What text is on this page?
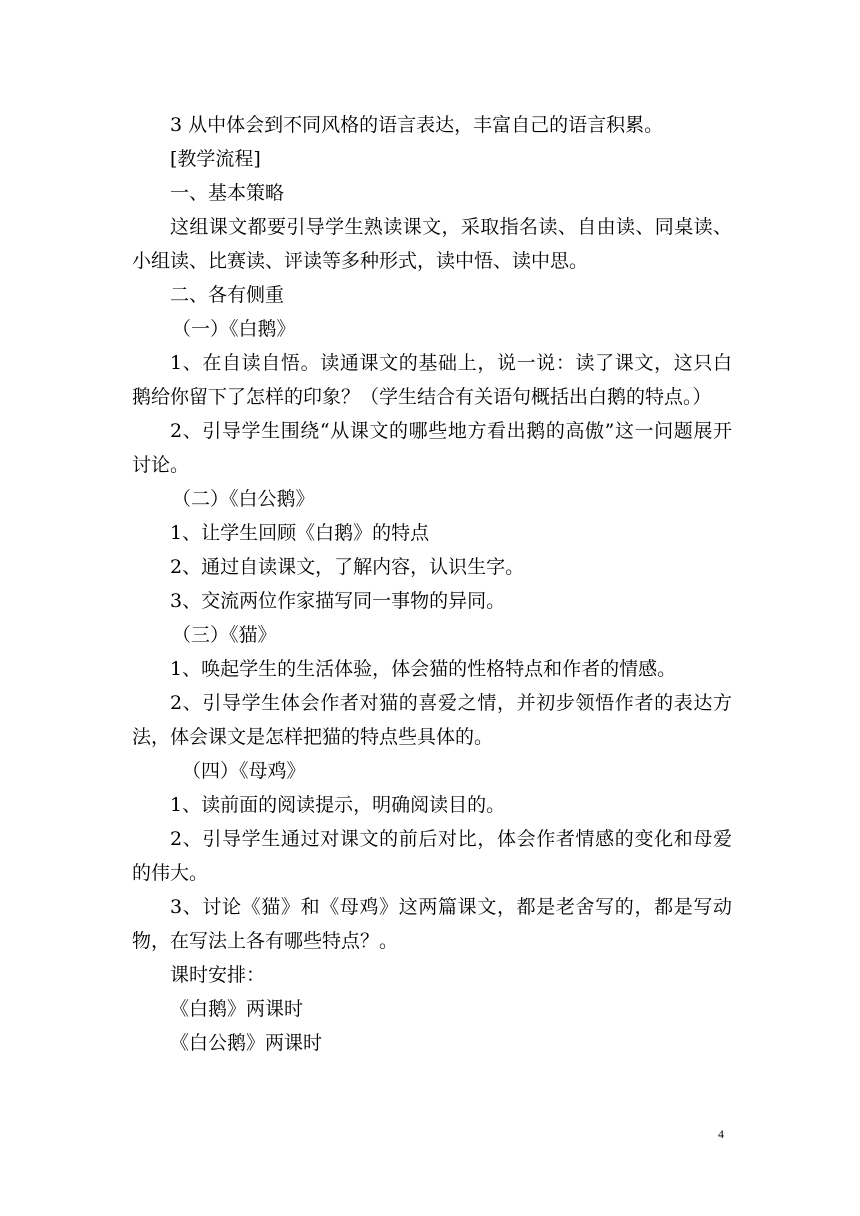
3 从中体会到不同风格的语言表达，丰富自己的语言积累。

[教学流程]

一、基本策略

这组课文都要引导学生熟读课文，采取指名读、自由读、同桌读、小组读、比赛读、评读等多种形式，读中悟、读中思。

二、各有侧重

（一）《白鹅》

1、在自读自悟。读通课文的基础上，说一说：读了课文，这只白鹅给你留下了怎样的印象？（学生结合有关语句概括出白鹅的特点。）

2、引导学生围绕“从课文的哪些地方看出鹅的高傲”这一问题展开讨论。

（二）《白公鹅》

1、让学生回顾《白鹅》的特点

2、通过自读课文，了解内容，认识生字。

3、交流两位作家描写同一事物的异同。

（三）《猫》

1、唤起学生的生活体验，体会猫的性格特点和作者的情感。

2、引导学生体会作者对猫的喜爱之情，并初步领悟作者的表达方法，体会课文是怎样把猫的特点些具体的。

（四）《母鸡》

1、读前面的阅读提示，明确阅读目的。

2、引导学生通过对课文的前后对比，体会作者情感的变化和母爱的伟大。

3、讨论《猫》和《母鸡》这两篇课文，都是老舍写的，都是写动物，在写法上各有哪些特点？。

课时安排：

《白鹅》两课时

《白公鹅》两课时

4
